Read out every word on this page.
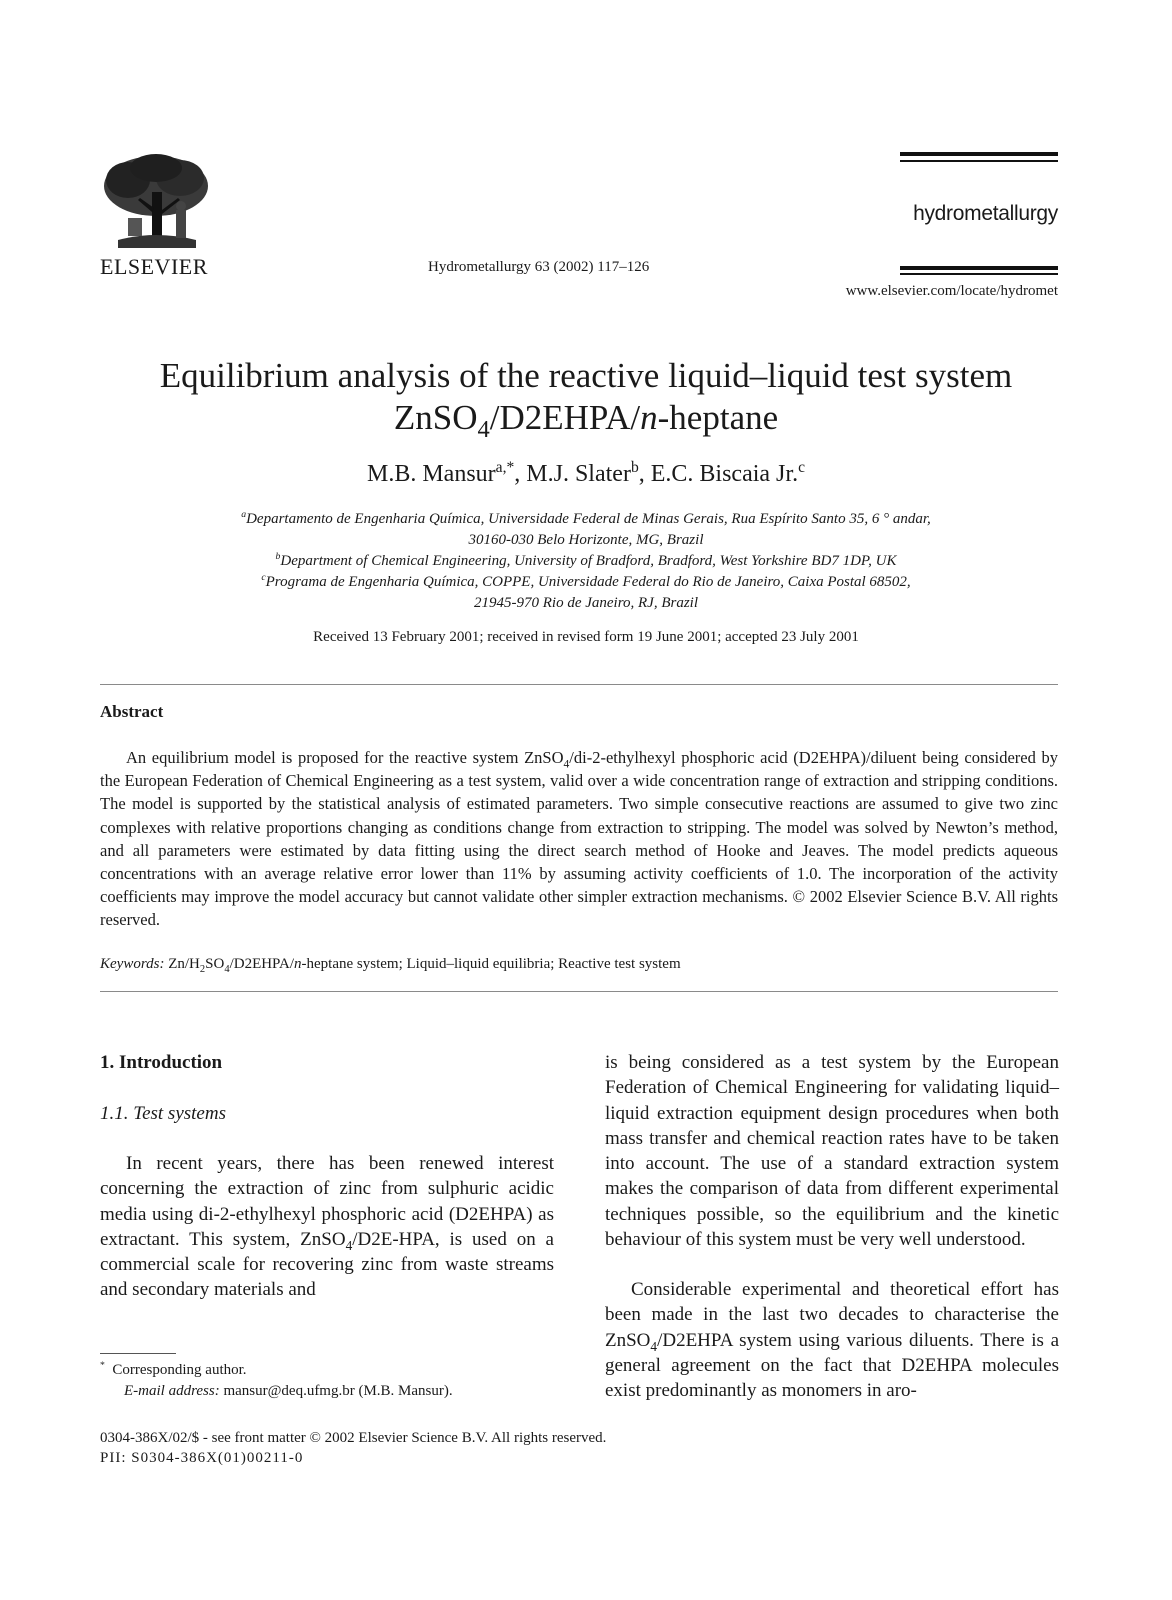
ELSEVIER	Hydrometallurgy 63 (2002) 117–126
hydrometallurgy
www.elsevier.com/locate/hydromet
Equilibrium analysis of the reactive liquid–liquid test system
ZnSO$_4$/D2EHPA/n-heptane
M.B. Mansur$^{a,*}$, M.J. Slater$^b$, E.C. Biscaia Jr.$^c$
$^a$Departamento de Engenharia Química, Universidade Federal de Minas Gerais, Rua Espírito Santo 35, 6 ° andar,
30160-030 Belo Horizonte, MG, Brazil
$^b$Department of Chemical Engineering, University of Bradford, Bradford, West Yorkshire BD7 1DP, UK
$^c$Programa de Engenharia Química, COPPE, Universidade Federal do Rio de Janeiro, Caixa Postal 68502,
21945-970 Rio de Janeiro, RJ, Brazil
Received 13 February 2001; received in revised form 19 June 2001; accepted 23 July 2001
Abstract
An equilibrium model is proposed for the reactive system ZnSO$_4$/di-2-ethylhexyl phosphoric acid (D2EHPA)/diluent being considered by the European Federation of Chemical Engineering as a test system, valid over a wide concentration range of extraction and stripping conditions. The model is supported by the statistical analysis of estimated parameters. Two simple consecutive reactions are assumed to give two zinc complexes with relative proportions changing as conditions change from extraction to stripping. The model was solved by Newton’s method, and all parameters were estimated by data fitting using the direct search method of Hooke and Jeaves. The model predicts aqueous concentrations with an average relative error lower than 11% by assuming activity coefficients of 1.0. The incorporation of the activity coefficients may improve the model accuracy but cannot validate other simpler extraction mechanisms. © 2002 Elsevier Science B.V. All rights reserved.
Keywords: $Zn/H_2SO_4/D2EHPA/n$-heptane system; Liquid–liquid equilibria; Reactive test system
1. Introduction
1.1. Test systems
In recent years, there has been renewed interest concerning the extraction of zinc from sulphuric acidic media using di-2-ethylhexyl phosphoric acid (D2EHPA) as extractant. This system, ZnSO$_4$/D2E-HPA, is used on a commercial scale for recovering zinc from waste streams and secondary materials and
is being considered as a test system by the European Federation of Chemical Engineering for validating liquid–liquid extraction equipment design procedures when both mass transfer and chemical reaction rates have to be taken into account. The use of a standard extraction system makes the comparison of data from different experimental techniques possible, so the equilibrium and the kinetic behaviour of this system must be very well understood.
Considerable experimental and theoretical effort has been made in the last two decades to characterise the ZnSO$_4$/D2EHPA system using various diluents. There is a general agreement on the fact that D2EHPA molecules exist predominantly as monomers in aro-
* Corresponding author.
E-mail address: mansur@deq.ufmg.br (M.B. Mansur).
0304-386X/02/$ - see front matter © 2002 Elsevier Science B.V. All rights reserved.
PII: S0304-386X(01)00211-0
